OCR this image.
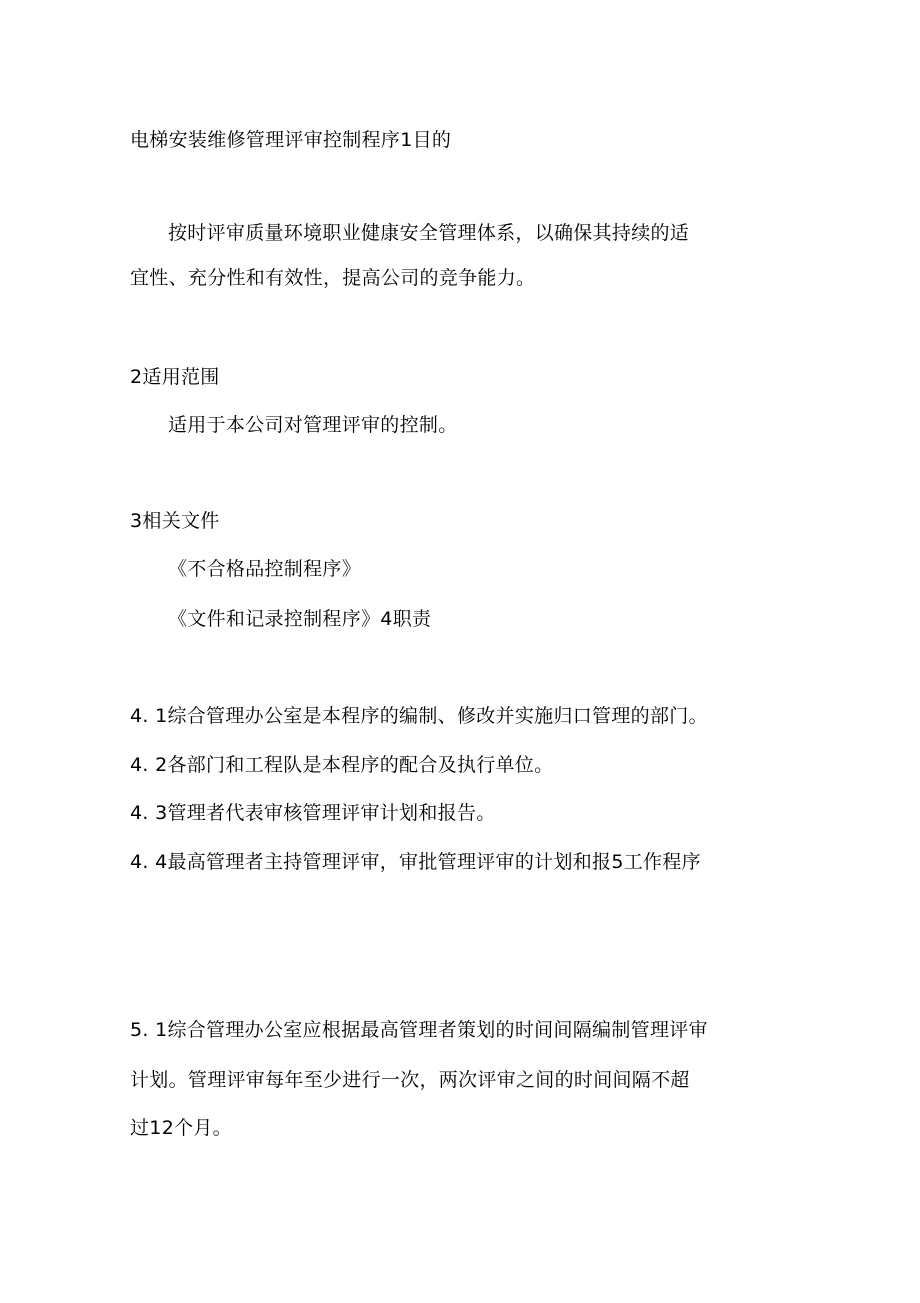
电梯安装维修管理评审控制程序1目的
按时评审质量环境职业健康安全管理体系，以确保其持续的适
宜性、充分性和有效性，提高公司的竞争能力。
2适用范围
适用于本公司对管理评审的控制。
3相关文件
《不合格品控制程序》
《文件和记录控制程序》4职责
4. 1综合管理办公室是本程序的编制、修改并实施归口管理的部门。
4. 2各部门和工程队是本程序的配合及执行单位。
4. 3管理者代表审核管理评审计划和报告。
4. 4最高管理者主持管理评审，审批管理评审的计划和报5工作程序
5. 1综合管理办公室应根据最高管理者策划的时间间隔编制管理评审
计划。管理评审每年至少进行一次，两次评审之间的时间间隔不超
过12个月。
